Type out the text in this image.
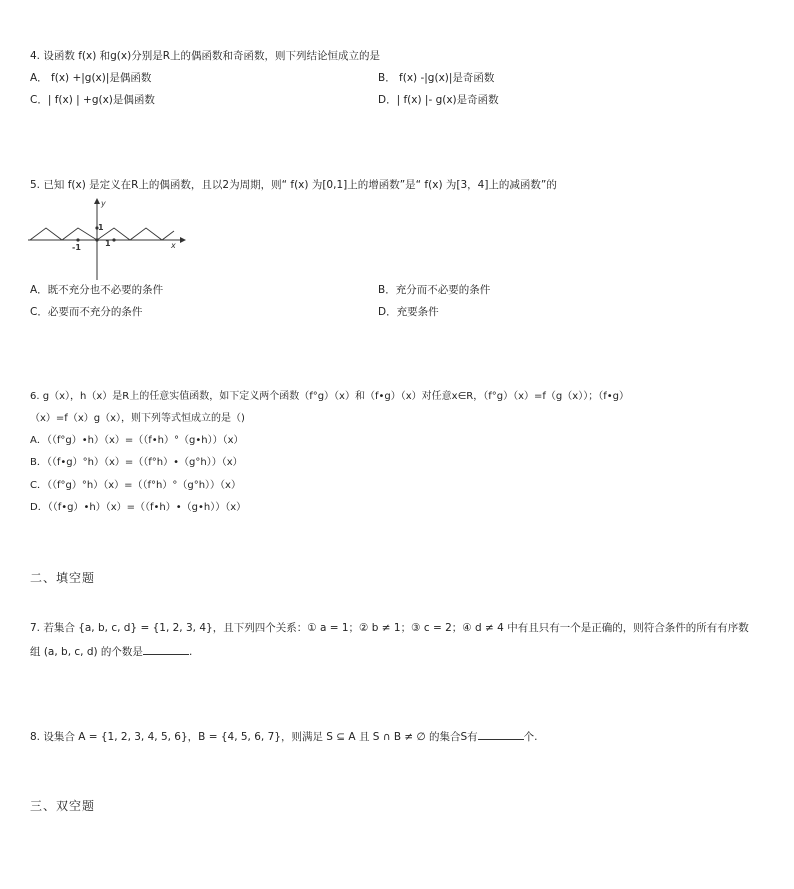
4. 设函数 f(x) 和g(x)分别是R上的偶函数和奇函数，则下列结论恒成立的是
A． f(x) +|g(x)|是偶函数	B． f(x) -|g(x)|是奇函数
C．| f(x) | +g(x)是偶函数	D．| f(x) |- g(x)是奇函数
5. 已知 f(x) 是定义在R上的偶函数，且以2为周期，则“ f(x) 为[0,1]上的增函数”是“ f(x) 为[3，4]上的减函数”的
y
x
1
-1	1
A．既不充分也不必要的条件	B．充分而不必要的条件
C．必要而不充分的条件	D．充要条件
6. g（x），h（x）是R上的任意实值函数，如下定义两个函数（f°g）（x）和（f•g）（x）对任意x∈R，（f°g）（x）=f（g（x））；（f•g）
（x）=f（x）g（x），则下列等式恒成立的是（)
A．（（f°g）•h）（x）=（（f•h）°（g•h））（x）
B．（（f•g）°h）（x）=（（f°h）•（g°h））（x）
C．（（f°g）°h）（x）=（（f°h）°（g°h））（x）
D．（（f•g）•h）（x）=（（f•h）•（g•h））（x）
二、填空题
7. 若集合 {a, b, c, d} = {1, 2, 3, 4}，且下列四个关系：① a = 1；② b ≠ 1；③ c = 2；④ d ≠ 4 中有且只有一个是正确的，则符合条件的所有有序数
组 (a, b, c, d) 的个数是	.
8. 设集合 A = {1, 2, 3, 4, 5, 6}，B = {4, 5, 6, 7}，则满足 S ⊆ A 且 S ∩ B ≠ ∅ 的集合S有	个.
三、双空题
